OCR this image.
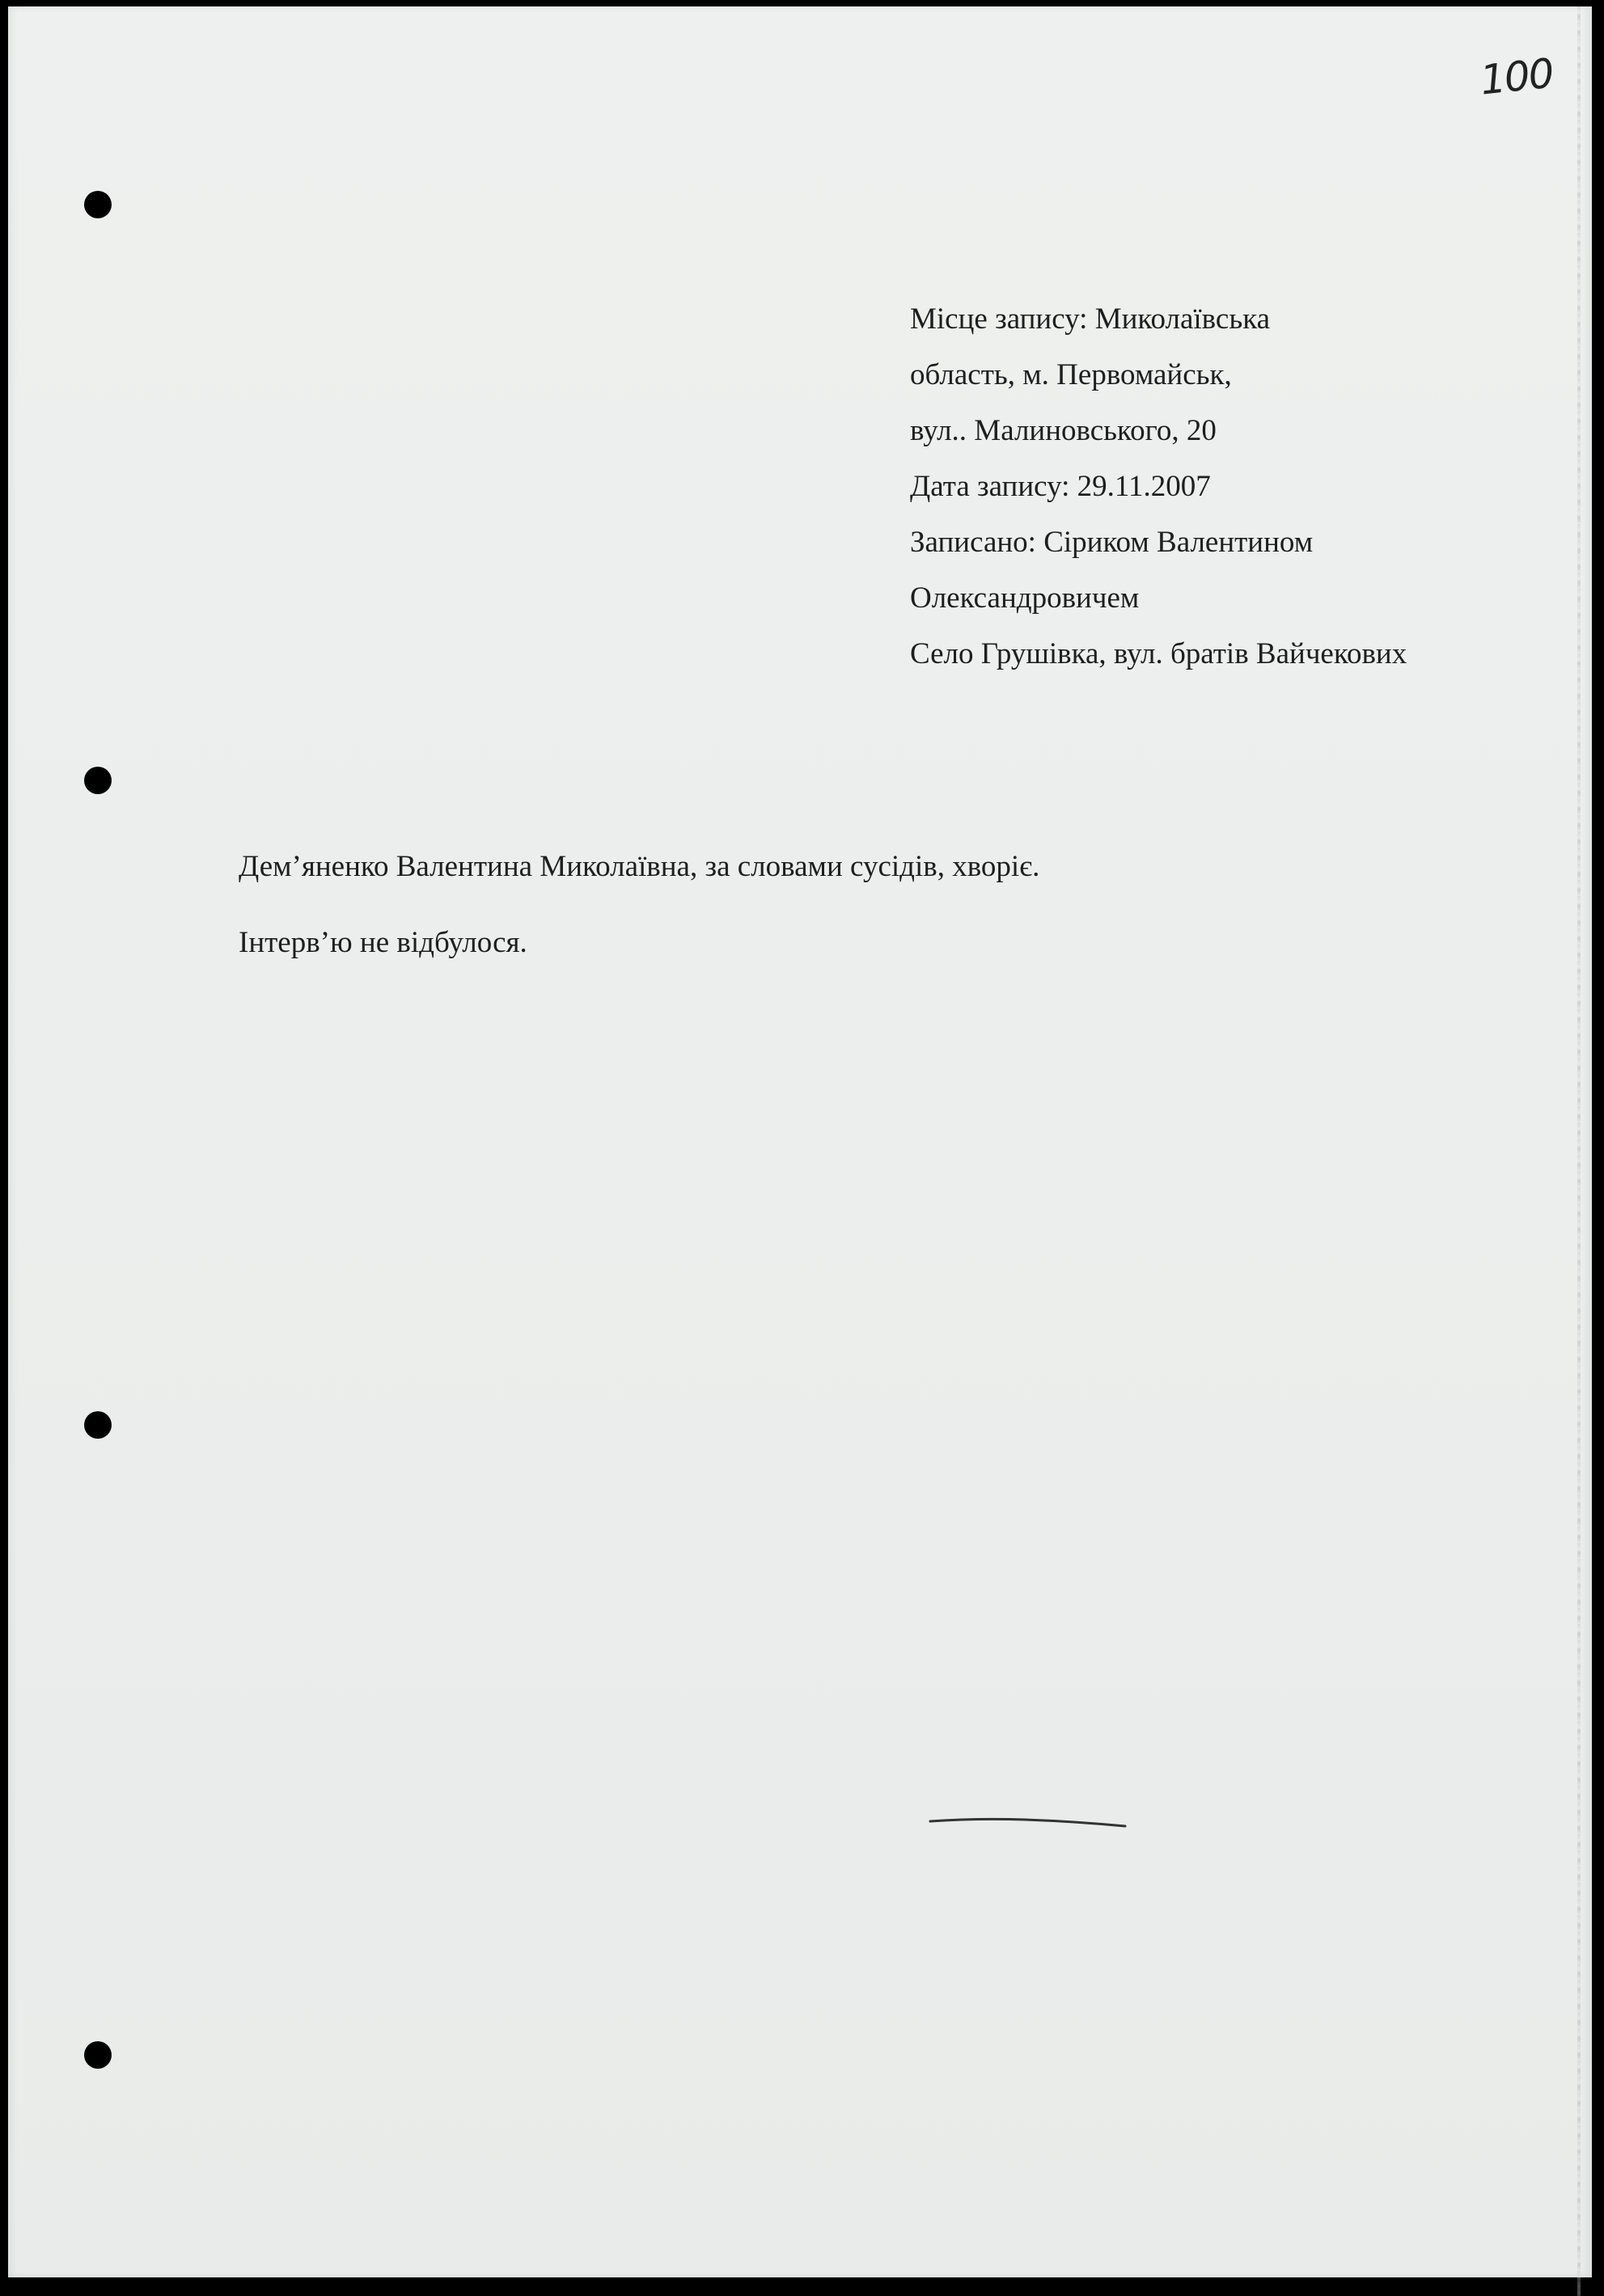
100
Місце запису: Миколаївська
область, м. Первомайськ,
вул.. Малиновського, 20
Дата запису: 29.11.2007
Записано: Сіриком Валентином
Олександровичем
Село Грушівка, вул. братів Вайчекових
Дем’яненко Валентина Миколаївна, за словами сусідів, хворіє.
Інтерв’ю не відбулося.
